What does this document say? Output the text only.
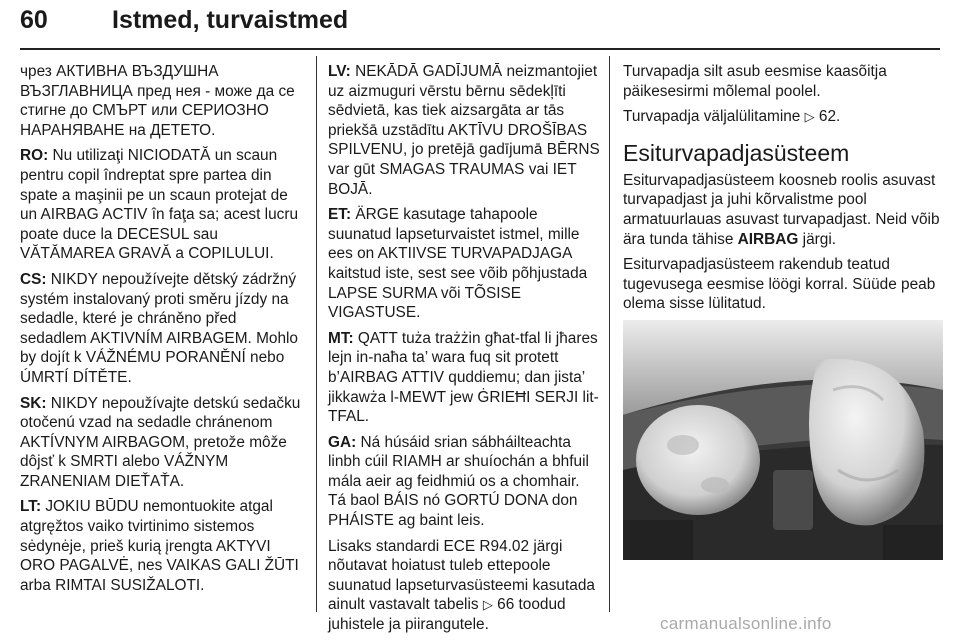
60	Istmed, turvaistmed

чрез АКТИВНА ВЪЗДУШНА ВЪЗГЛАВНИЦА пред нея - може да се стигне до СМЪРТ или СЕРИОЗНО НАРАНЯВАНЕ на ДЕТЕТО.

RO: Nu utilizaţi NICIODATĂ un scaun pentru copil îndreptat spre partea din spate a maşinii pe un scaun protejat de un AIRBAG ACTIV în faţa sa; acest lucru poate duce la DECESUL sau VĂTĂMAREA GRAVĂ a COPILULUI.

CS: NIKDY nepoužívejte dětský zádržný systém instalovaný proti směru jízdy na sedadle, které je chráněno před sedadlem AKTIVNÍM AIRBAGEM. Mohlo by dojít k VÁŽNÉMU PORANĚNÍ nebo ÚMRTÍ DÍTĚTE.

SK: NIKDY nepoužívajte detskú sedačku otočenú vzad na sedadle chránenom AKTÍVNYM AIRBAGOM, pretože môže dôjsť k SMRTI alebo VÁŽNYM ZRANENIAM DIEŤAŤA.

LT: JOKIU BŪDU nemontuokite atgal atgręžtos vaiko tvirtinimo sistemos sėdynėje, prieš kurią įrengta AKTYVI ORO PAGALVĖ, nes VAIKAS GALI ŽŪTI arba RIMTAI SUSIŽALOTI.

LV: NEKĀDĀ GADĪJUMĀ neizmantojiet uz aizmuguri vērstu bērnu sēdekļīti sēdvietā, kas tiek aizsargāta ar tās priekšā uzstādītu AKTĪVU DROŠĪBAS SPILVENU, jo pretējā gadījumā BĒRNS var gūt SMAGAS TRAUMAS vai IET BOJĀ.

ET: ÄRGE kasutage tahapoole suunatud lapseturvaistet istmel, mille ees on AKTIIVSE TURVAPADJAGA kaitstud iste, sest see võib põhjustada LAPSE SURMA või TÕSISE VIGASTUSE.

MT: QATT tuża trażżin għat-tfal li jħares lejn in-naħa ta’ wara fuq sit protett b’AIRBAG ATTIV quddiemu; dan jista’ jikkawża l-MEWT jew ĠRIEĦI SERJI lit-TFAL.

GA: Ná húsáid srian sábháilteachta linbh cúil RIAMH ar shuíochán a bhfuil mála aeir ag feidhmiú os a chomhair. Tá baol BÁIS nó GORTÚ DONA don PHÁISTE ag baint leis.

Lisaks standardi ECE R94.02 järgi nõutavat hoiatust tuleb ettepoole suunatud lapseturvasüsteemi kasutada ainult vastavalt tabelis ▷ 66 toodud juhistele ja piirangutele.

Turvapadja silt asub eesmise kaasõitja päikesesirmi mõlemal poolel.

Turvapadja väljalülitamine ▷ 62.

Esiturvapadjasüsteem

Esiturvapadjasüsteem koosneb roolis asuvast turvapadjast ja juhi kõrvalistme pool armatuurlauas asuvast turvapadjast. Neid võib ära tunda tähise AIRBAG järgi.

Esiturvapadjasüsteem rakendub teatud tugevusega eesmise löögi korral. Süüde peab olema sisse lülitatud.

carmanualsonline.info
